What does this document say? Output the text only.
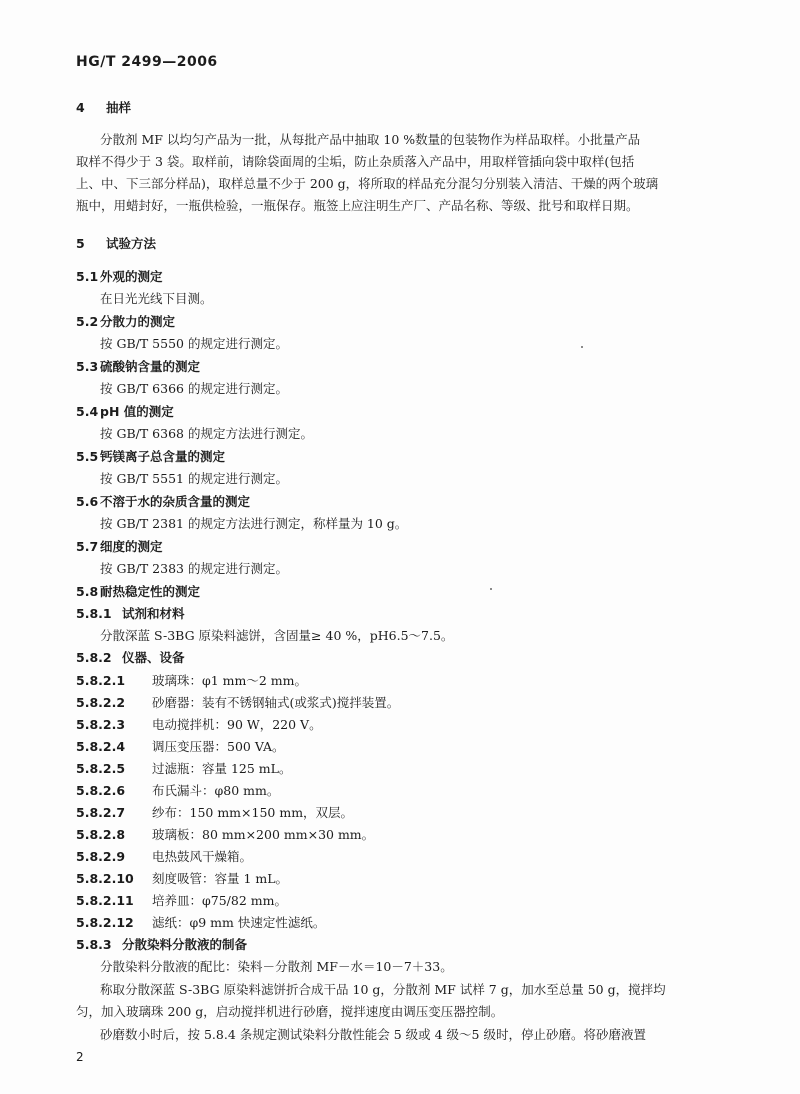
HG/T 2499—2006
4 抽样
分散剂 MF 以均匀产品为一批，从每批产品中抽取 10 %数量的包装物作为样品取样。小批量产品
取样不得少于 3 袋。取样前，请除袋面周的尘垢，防止杂质落入产品中，用取样管插向袋中取样(包括
上、中、下三部分样品)，取样总量不少于 200 g，将所取的样品充分混匀分别装入清洁、干燥的两个玻璃
瓶中，用蜡封好，一瓶供检验，一瓶保存。瓶签上应注明生产厂、产品名称、等级、批号和取样日期。
5 试验方法
5.1 外观的测定
在日光光线下目测。
5.2 分散力的测定
按 GB/T 5550 的规定进行测定。
5.3 硫酸钠含量的测定
按 GB/T 6366 的规定进行测定。
5.4 pH 值的测定
按 GB/T 6368 的规定方法进行测定。
5.5 钙镁离子总含量的测定
按 GB/T 5551 的规定进行测定。
5.6 不溶于水的杂质含量的测定
按 GB/T 2381 的规定方法进行测定，称样量为 10 g。
5.7 细度的测定
按 GB/T 2383 的规定进行测定。
5.8 耐热稳定性的测定
5.8.1 试剂和材料
分散深蓝 S-3BG 原染料滤饼，含固量≥ 40 %，pH6.5～7.5。
5.8.2 仪器、设备
5.8.2.1 玻璃珠：φ1 mm～2 mm。
5.8.2.2 砂磨器：装有不锈钢轴式(或浆式)搅拌装置。
5.8.2.3 电动搅拌机：90 W，220 V。
5.8.2.4 调压变压器：500 VA。
5.8.2.5 过滤瓶：容量 125 mL。
5.8.2.6 布氏漏斗：φ80 mm。
5.8.2.7 纱布：150 mm×150 mm，双层。
5.8.2.8 玻璃板：80 mm×200 mm×30 mm。
5.8.2.9 电热鼓风干燥箱。
5.8.2.10 刻度吸管：容量 1 mL。
5.8.2.11 培养皿：φ75/82 mm。
5.8.2.12 滤纸：φ9 mm 快速定性滤纸。
5.8.3 分散染料分散液的制备
分散染料分散液的配比：染料－分散剂 MF－水＝10－7＋33。
称取分散深蓝 S-3BG 原染料滤饼折合成干品 10 g，分散剂 MF 试样 7 g，加水至总量 50 g，搅拌均
匀，加入玻璃珠 200 g，启动搅拌机进行砂磨，搅拌速度由调压变压器控制。
砂磨数小时后，按 5.8.4 条规定测试染料分散性能会 5 级或 4 级～5 级时，停止砂磨。将砂磨液置
2
